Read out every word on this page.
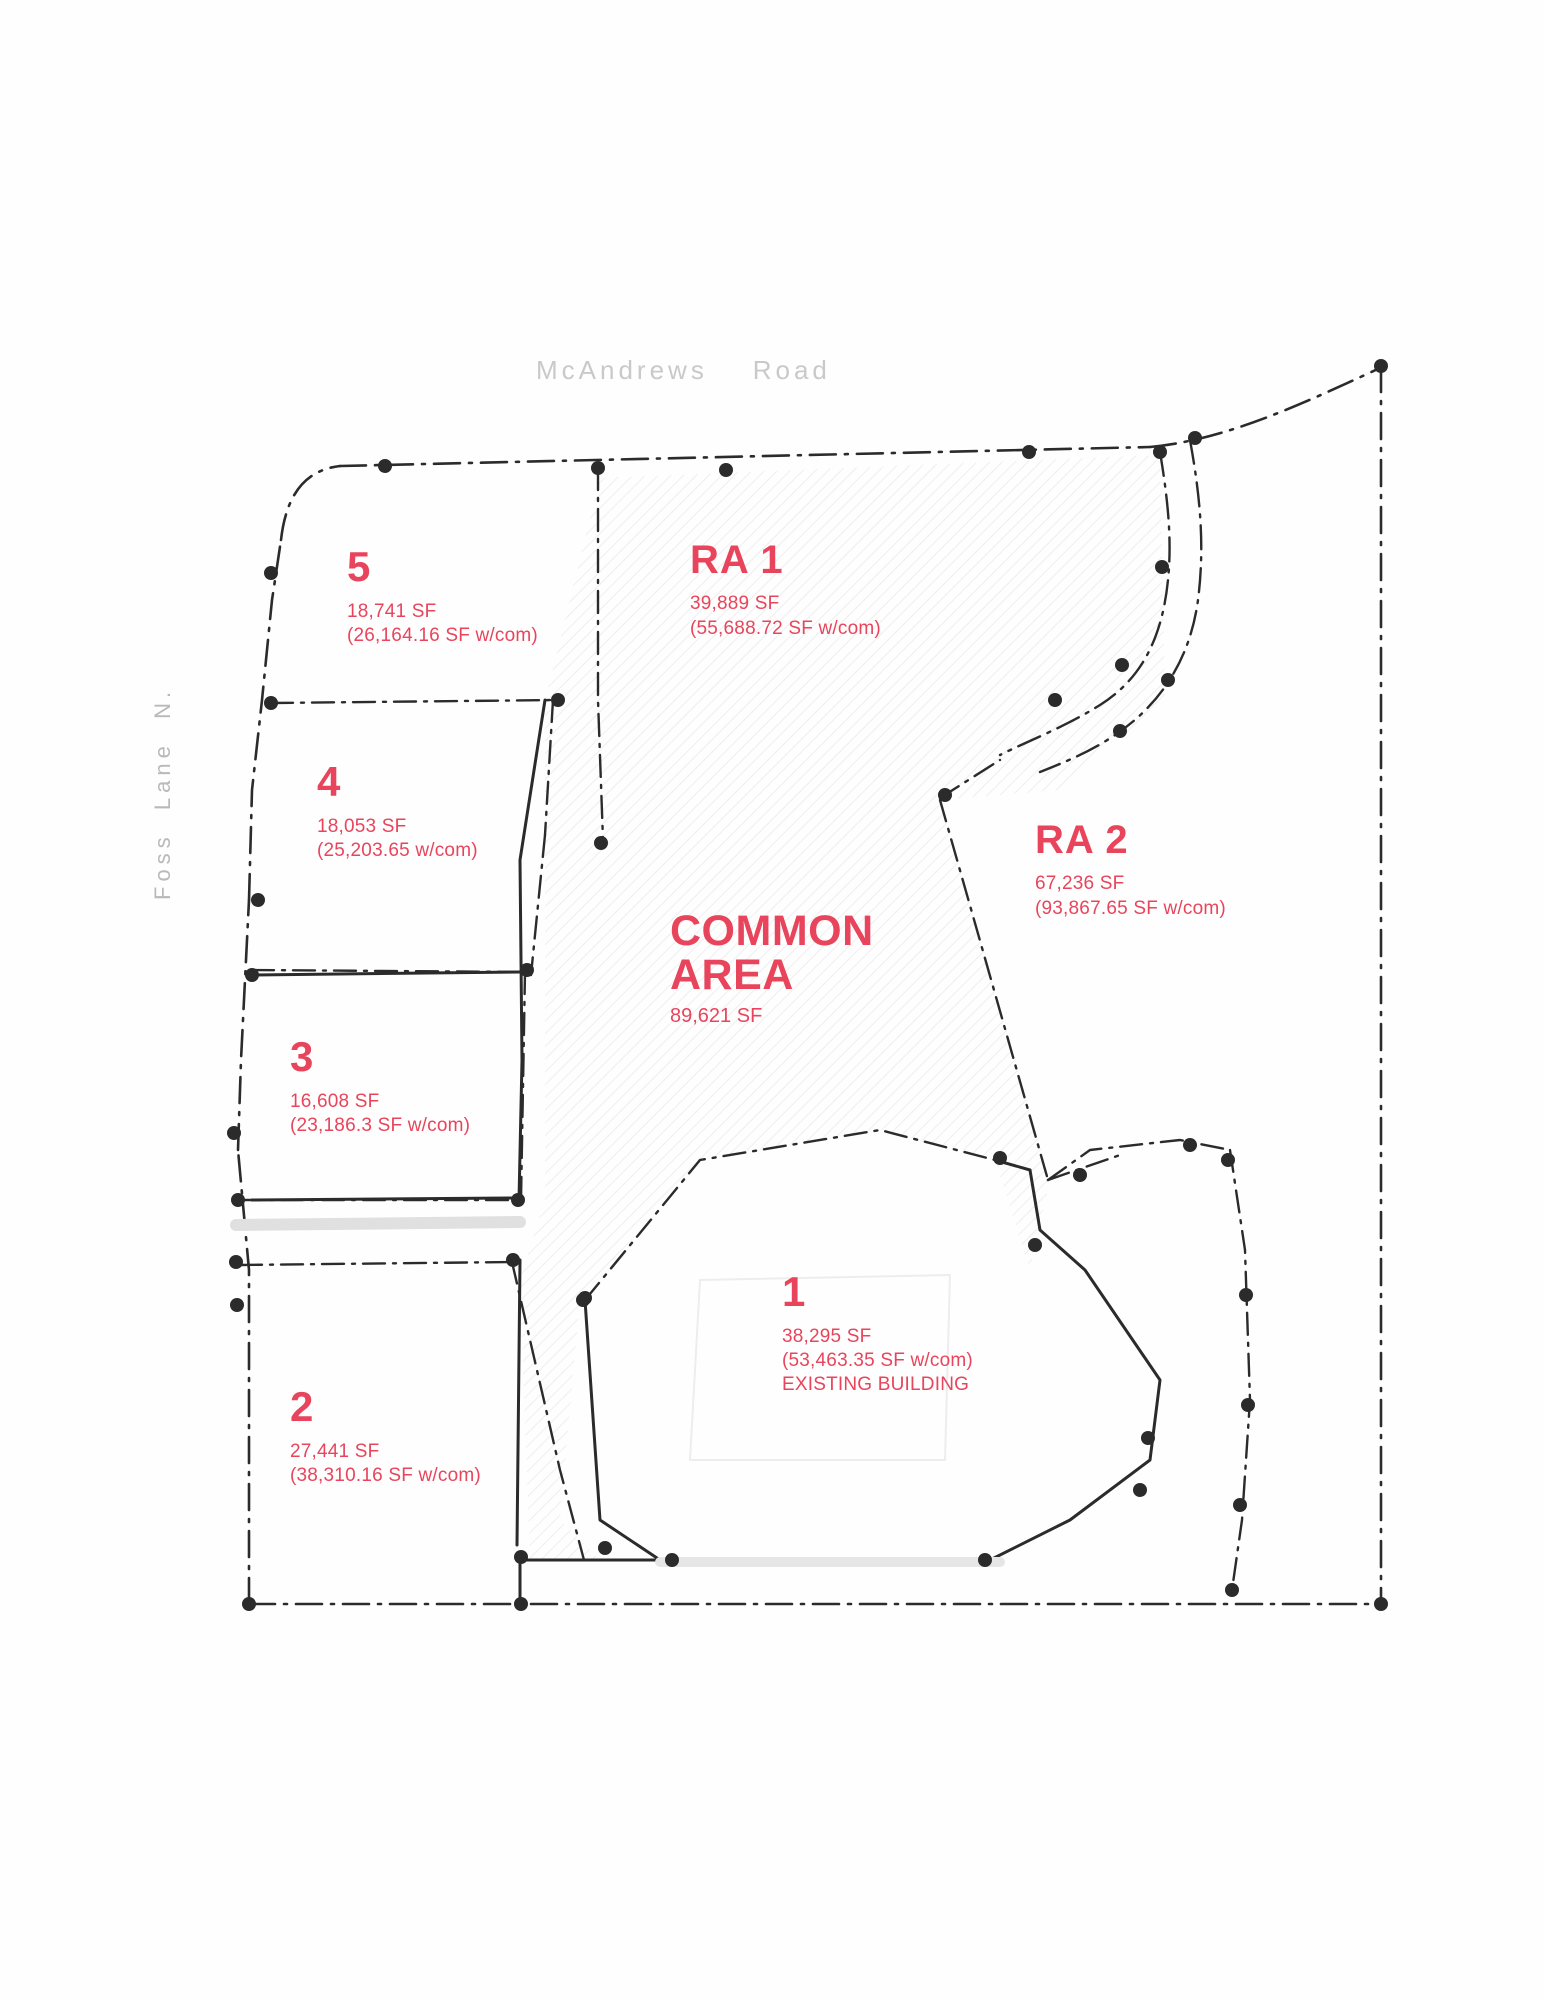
McAndrews    Road
Foss  Lane  N.
5
18,741 SF
(26,164.16 SF w/com)
RA 1
39,889 SF
(55,688.72 SF w/com)
4
18,053 SF
(25,203.65 w/com)	RA 2
67,236 SF
(93,867.65 SF w/com)
3
16,608 SF
(23,186.3 SF w/com)
COMMON
AREA
89,621 SF
1
38,295 SF
(53,463.35 SF w/com)
EXISTING BUILDING
2
27,441 SF
(38,310.16 SF w/com)
